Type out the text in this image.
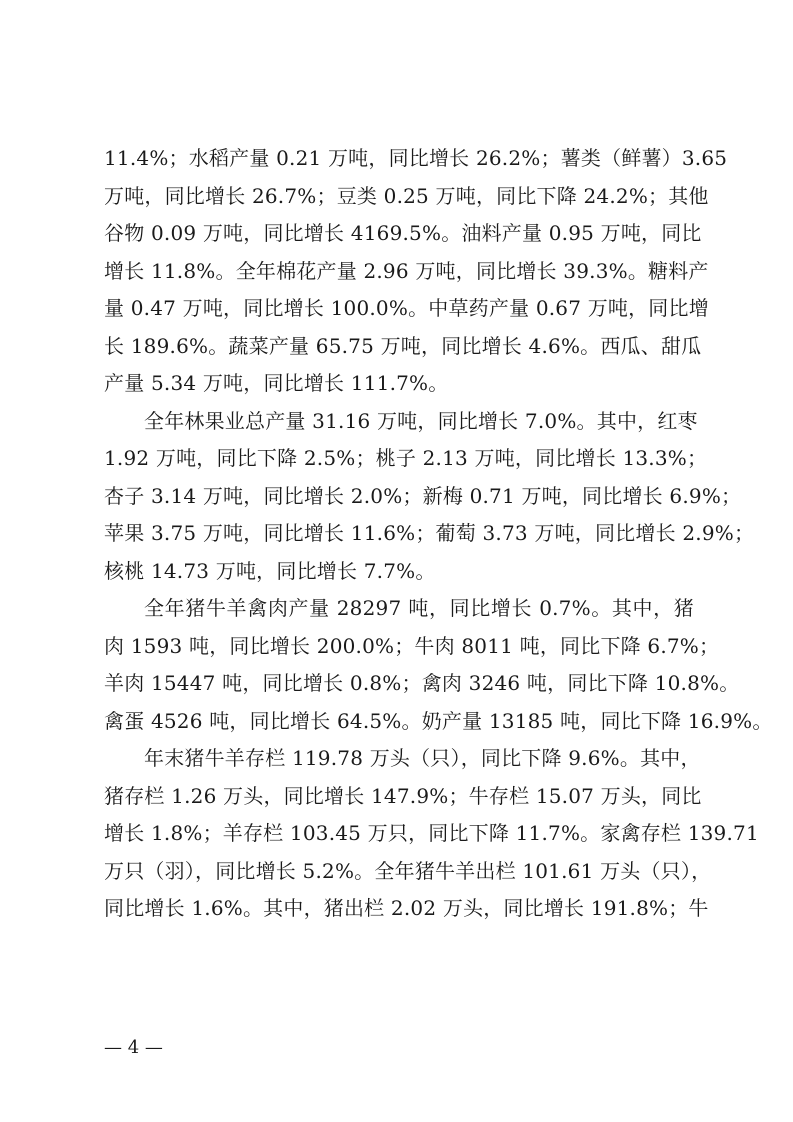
11.4%；水稻产量 0.21 万吨，同比增长 26.2%；薯类（鲜薯）3.65
万吨，同比增长 26.7%；豆类 0.25 万吨，同比下降 24.2%；其他
谷物 0.09 万吨，同比增长 4169.5%。油料产量 0.95 万吨，同比
增长 11.8%。全年棉花产量 2.96 万吨，同比增长 39.3%。糖料产
量 0.47 万吨，同比增长 100.0%。中草药产量 0.67 万吨，同比增
长 189.6%。蔬菜产量 65.75 万吨，同比增长 4.6%。西瓜、甜瓜
产量 5.34 万吨，同比增长 111.7%。
全年林果业总产量 31.16 万吨，同比增长 7.0%。其中，红枣
1.92 万吨，同比下降 2.5%；桃子 2.13 万吨，同比增长 13.3%；
杏子 3.14 万吨，同比增长 2.0%；新梅 0.71 万吨，同比增长 6.9%；
苹果 3.75 万吨，同比增长 11.6%；葡萄 3.73 万吨，同比增长 2.9%；
核桃 14.73 万吨，同比增长 7.7%。
全年猪牛羊禽肉产量 28297 吨，同比增长 0.7%。其中，猪
肉 1593 吨，同比增长 200.0%；牛肉 8011 吨，同比下降 6.7%；
羊肉 15447 吨，同比增长 0.8%；禽肉 3246 吨，同比下降 10.8%。
禽蛋 4526 吨，同比增长 64.5%。奶产量 13185 吨，同比下降 16.9%。
年末猪牛羊存栏 119.78 万头（只），同比下降 9.6%。其中，
猪存栏 1.26 万头，同比增长 147.9%；牛存栏 15.07 万头，同比
增长 1.8%；羊存栏 103.45 万只，同比下降 11.7%。家禽存栏 139.71
万只（羽），同比增长 5.2%。全年猪牛羊出栏 101.61 万头（只），
同比增长 1.6%。其中，猪出栏 2.02 万头，同比增长 191.8%；牛
— 4 —
